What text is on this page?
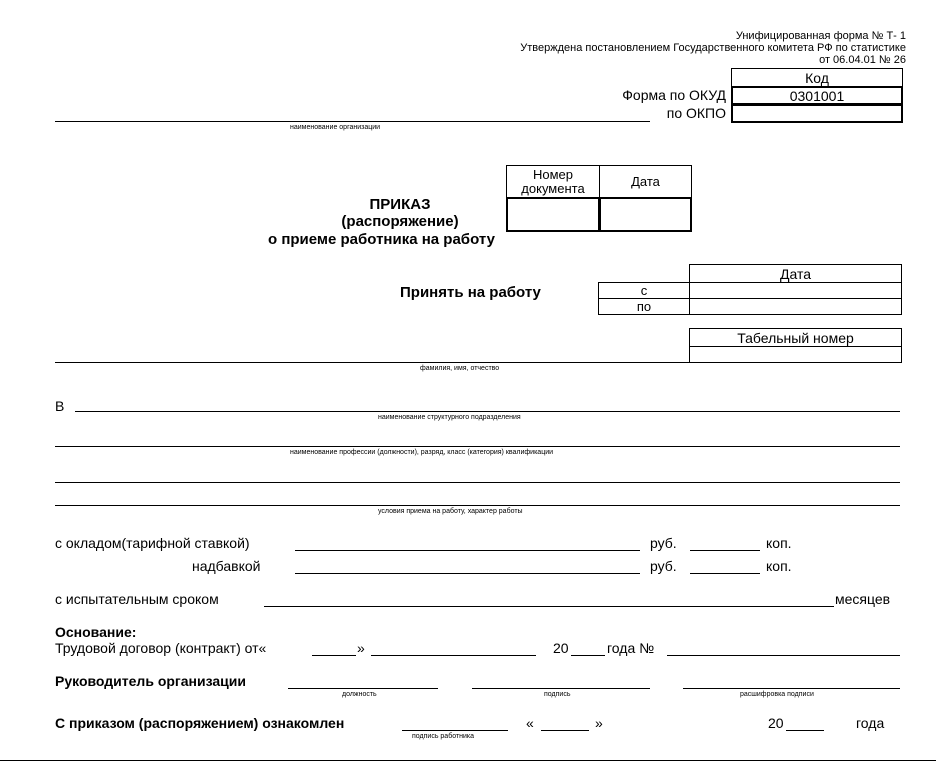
Унифицированная форма № Т- 1
Утверждена постановлением Государственного комитета РФ по статистике
от 06.04.01 № 26
Код
Форма по ОКУД	0301001
по ОКПО
наименование организации
Номер документа	Дата
ПРИКАЗ
(распоряжение)
о приеме работника на работу
Принять на работу
Дата
с
по
Табельный номер
фамилия, имя, отчество
В
наименование структурного подразделения
наименование профессии (должности), разряд, класс (категория) квалификации
условия приема на работу, характер работы
с окладом(тарифной ставкой)	руб.	коп.
надбавкой	руб.	коп.
с испытательным сроком	месяцев
Основание:
Трудовой договор (контракт) от«	»	20	года №
Руководитель организации
должность	подпись	расшифровка подписи
С приказом (распоряжением) ознакомлен
подпись работника
«	»	20	года
